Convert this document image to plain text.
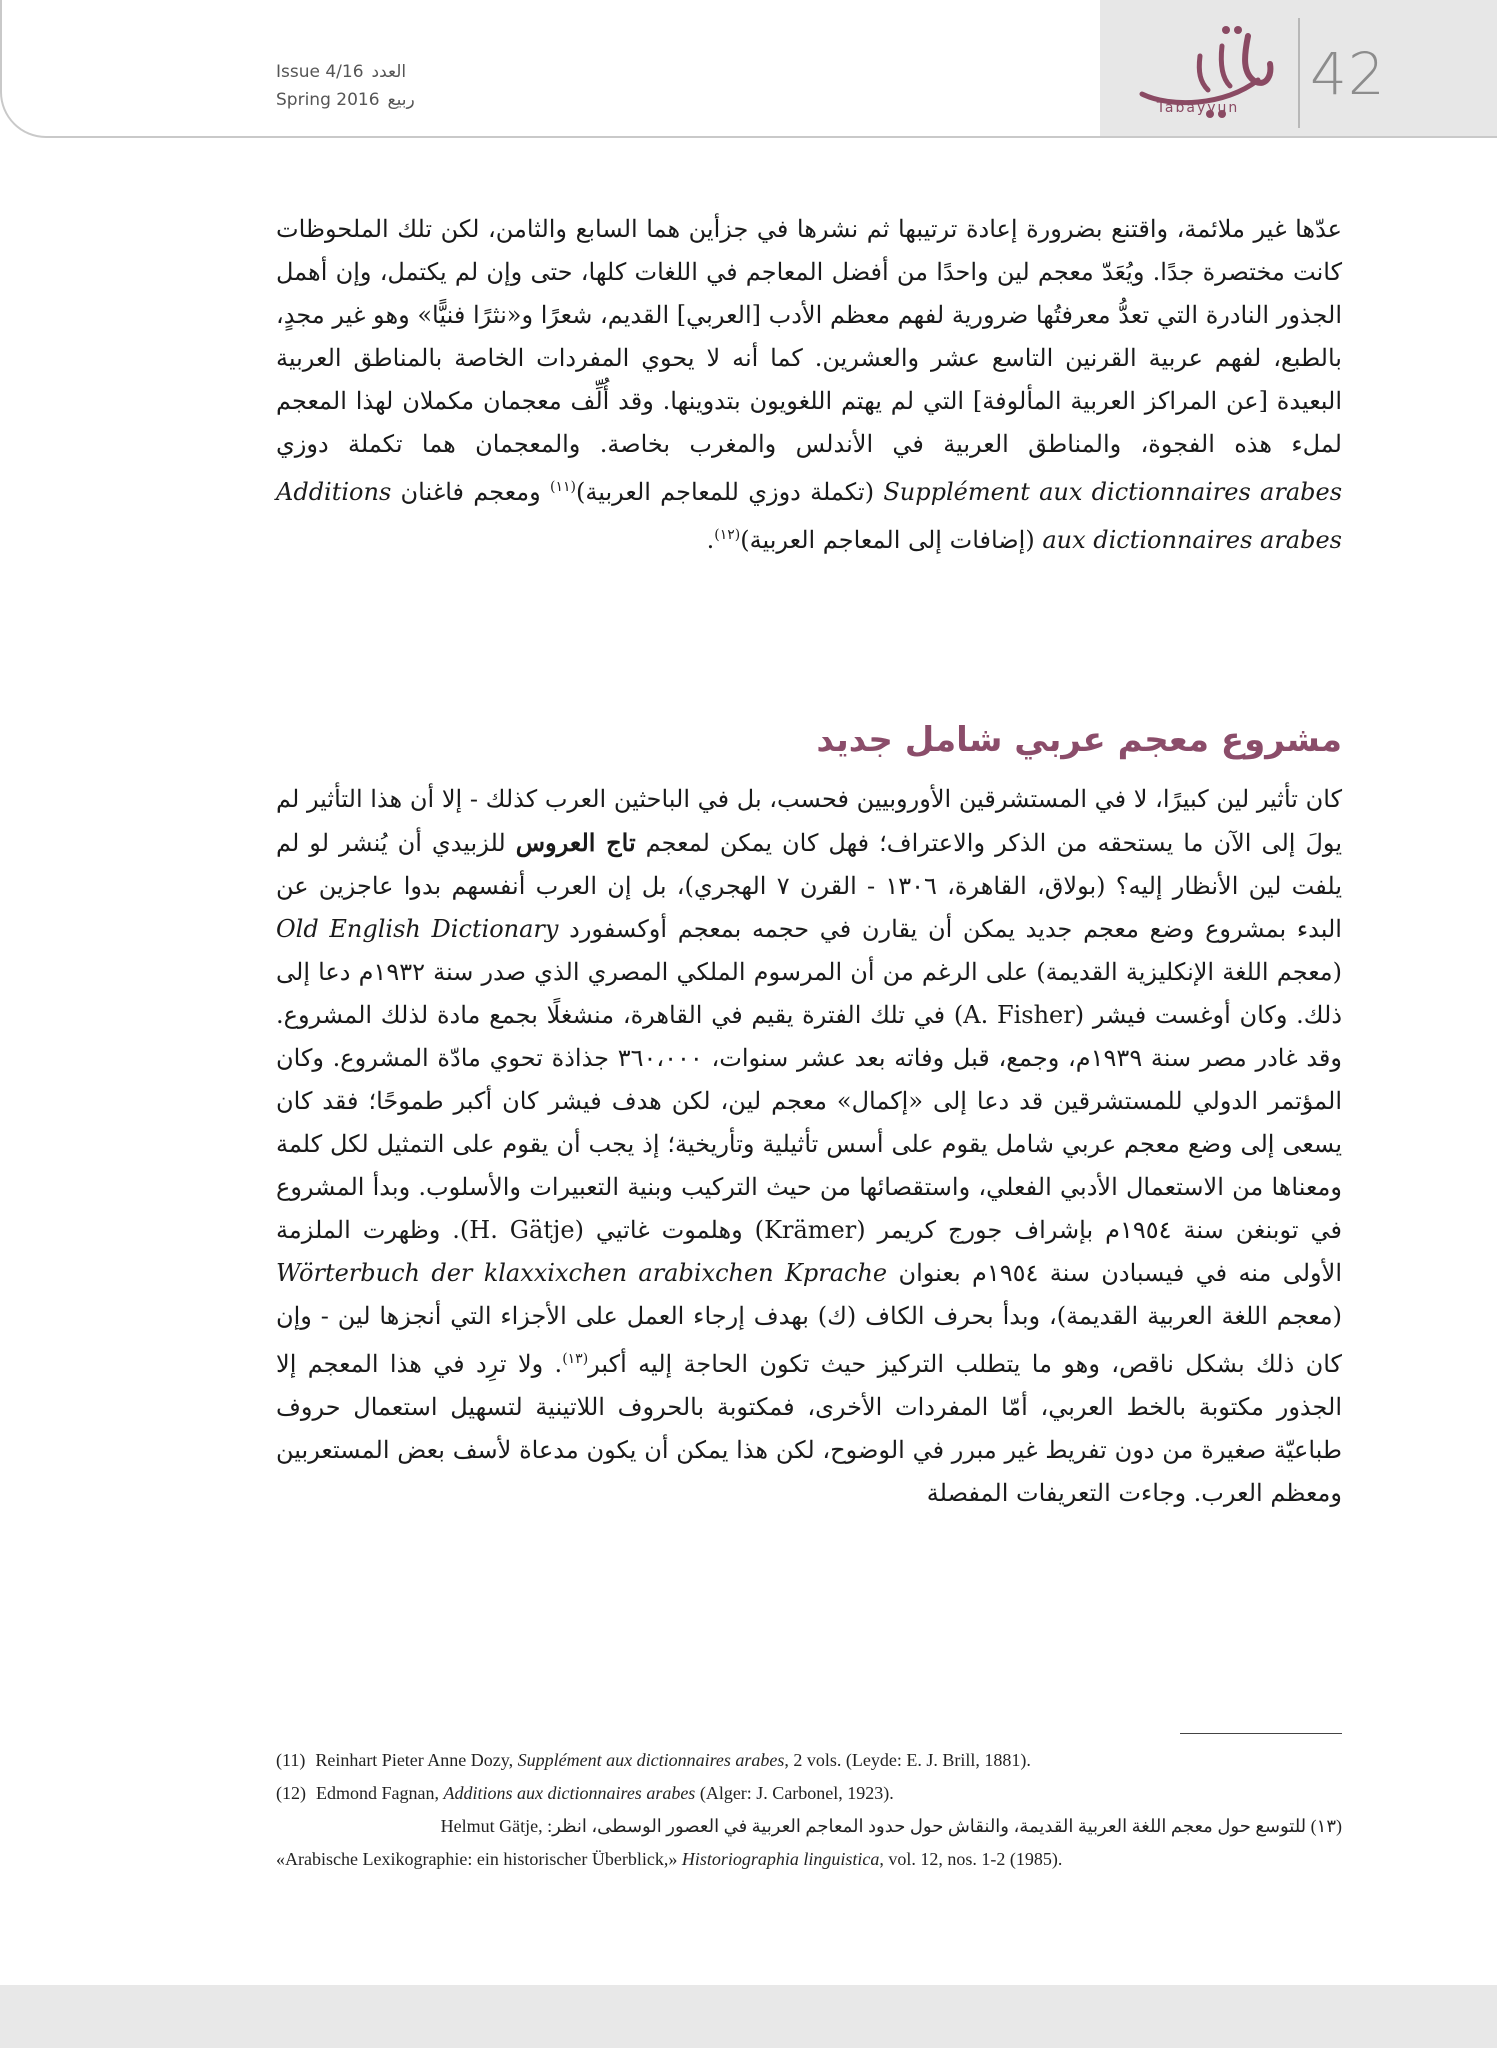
Issue 4/16 العدد
Spring 2016 ربيع	Tabayyun	42

عدّها غير ملائمة، واقتنع بضرورة إعادة ترتيبها ثم نشرها في جزأين هما السابع والثامن، لكن تلك الملحوظات كانت مختصرة جدًا. ويُعَدّ معجم لين واحدًا من أفضل المعاجم في اللغات كلها، حتى وإن لم يكتمل، وإن أهمل الجذور النادرة التي تعدُّ معرفتُها ضرورية لفهم معظم الأدب [العربي] القديم، شعرًا و«نثرًا فنيًّا» وهو غير مجدٍ، بالطبع، لفهم عربية القرنين التاسع عشر والعشرين. كما أنه لا يحوي المفردات الخاصة بالمناطق العربية البعيدة [عن المراكز العربية المألوفة] التي لم يهتم اللغويون بتدوينها. وقد أُلِّف معجمان مكملان لهذا المعجم لملء هذه الفجوة، والمناطق العربية في الأندلس والمغرب بخاصة. والمعجمان هما تكملة دوزي Supplément aux dictionnaires arabes (تكملة دوزي للمعاجم العربية)$^{(١١)}$ ومعجم فاغنان Additions aux dictionnaires arabes (إضافات إلى المعاجم العربية)$^{(١٢)}$.

مشروع معجم عربي شامل جديد

كان تأثير لين كبيرًا، لا في المستشرقين الأوروبيين فحسب، بل في الباحثين العرب كذلك - إلا أن هذا التأثير لم يولَ إلى الآن ما يستحقه من الذكر والاعتراف؛ فهل كان يمكن لمعجم تاج العروس للزبيدي أن يُنشر لو لم يلفت لين الأنظار إليه؟ (بولاق، القاهرة، ١٣٠٦ - القرن ٧ الهجري)، بل إن العرب أنفسهم بدوا عاجزين عن البدء بمشروع وضع معجم جديد يمكن أن يقارن في حجمه بمعجم أوكسفورد Old English Dictionary (معجم اللغة الإنكليزية القديمة) على الرغم من أن المرسوم الملكي المصري الذي صدر سنة ١٩٣٢م دعا إلى ذلك. وكان أوغست فيشر (A. Fisher) في تلك الفترة يقيم في القاهرة، منشغلًا بجمع مادة لذلك المشروع. وقد غادر مصر سنة ١٩٣٩م، وجمع، قبل وفاته بعد عشر سنوات، ٣٦٠،٠٠٠ جذاذة تحوي مادّة المشروع. وكان المؤتمر الدولي للمستشرقين قد دعا إلى «إكمال» معجم لين، لكن هدف فيشر كان أكبر طموحًا؛ فقد كان يسعى إلى وضع معجم عربي شامل يقوم على أسس تأثيلية وتأريخية؛ إذ يجب أن يقوم على التمثيل لكل كلمة ومعناها من الاستعمال الأدبي الفعلي، واستقصائها من حيث التركيب وبنية التعبيرات والأسلوب. وبدأ المشروع في توبنغن سنة ١٩٥٤م بإشراف جورج كريمر (Krämer) وهلموت غاتيي (H. Gätje). وظهرت الملزمة الأولى منه في فيسبادن سنة ١٩٥٤م بعنوان Wörterbuch der klaxxixchen arabixchen Kprache (معجم اللغة العربية القديمة)، وبدأ بحرف الكاف (ك) بهدف إرجاء العمل على الأجزاء التي أنجزها لين - وإن كان ذلك بشكل ناقص، وهو ما يتطلب التركيز حيث تكون الحاجة إليه أكبر$^{(١٣)}$. ولا ترِد في هذا المعجم إلا الجذور مكتوبة بالخط العربي، أمّا المفردات الأخرى، فمكتوبة بالحروف اللاتينية لتسهيل استعمال حروف طباعيّة صغيرة من دون تفريط غير مبرر في الوضوح، لكن هذا يمكن أن يكون مدعاة لأسف بعض المستعربين ومعظم العرب. وجاءت التعريفات المفصلة

(11) Reinhart Pieter Anne Dozy, Supplément aux dictionnaires arabes, 2 vols. (Leyde: E. J. Brill, 1881).

(12) Edmond Fagnan, Additions aux dictionnaires arabes (Alger: J. Carbonel, 1923).

(١٣) للتوسع حول معجم اللغة العربية القديمة، والنقاش حول حدود المعاجم العربية في العصور الوسطى، انظر: Helmut Gätje,

«Arabische Lexikographie: ein historischer Überblick,» Historiographia linguistica, vol. 12, nos. 1-2 (1985).
